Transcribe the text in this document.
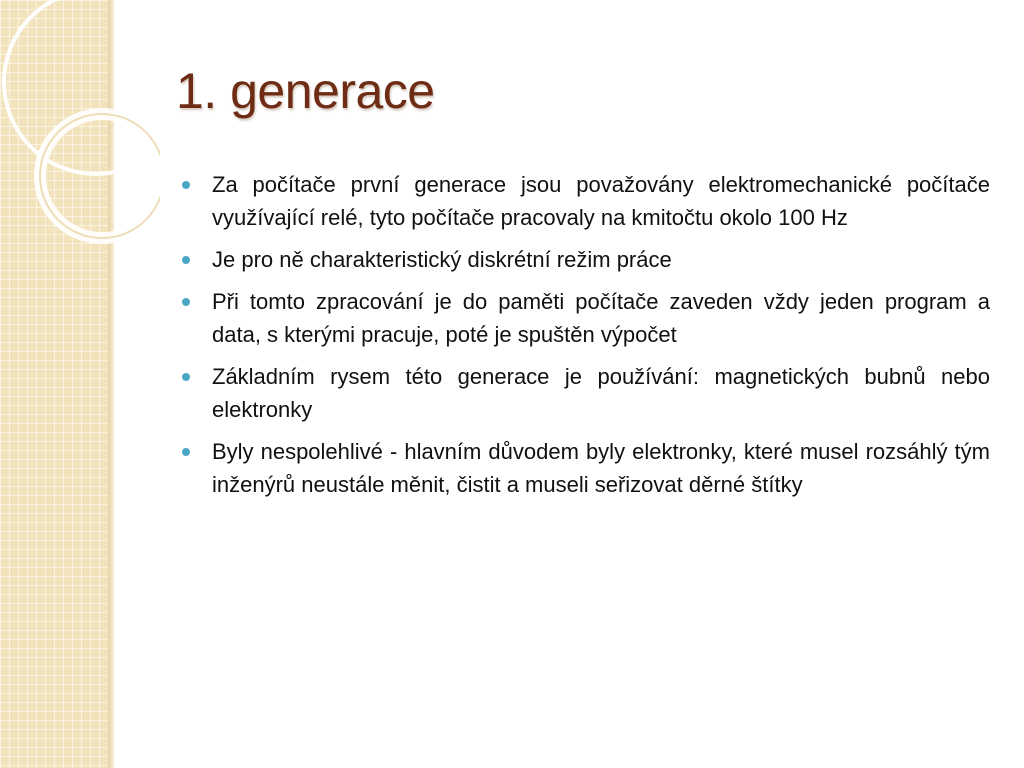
1. generace
Za počítače první generace jsou považovány elektromechanické počítače využívající relé, tyto počítače pracovaly na kmitočtu okolo 100 Hz
Je pro ně charakteristický diskrétní režim práce
Při tomto zpracování je do paměti počítače zaveden vždy jeden program a data, s kterými pracuje, poté je spuštěn výpočet
Základním rysem této generace je používání: magnetických bubnů nebo elektronky
Byly nespolehlivé - hlavním důvodem byly elektronky, které musel rozsáhlý tým inženýrů neustále měnit, čistit a museli seřizovat děrné štítky
